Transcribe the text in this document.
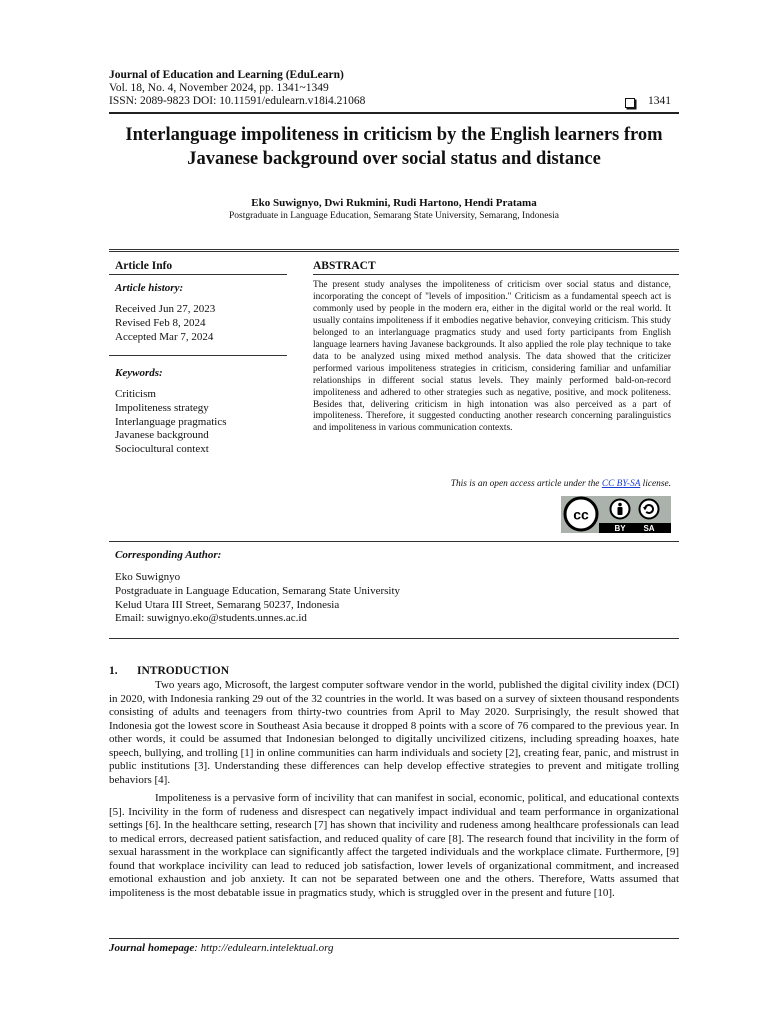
Journal of Education and Learning (EduLearn)
Vol. 18, No. 4, November 2024, pp. 1341~1349
ISSN: 2089-9823 DOI: 10.11591/edulearn.v18i4.21068	1341
Interlanguage impoliteness in criticism by the English learners from Javanese background over social status and distance
Eko Suwignyo, Dwi Rukmini, Rudi Hartono, Hendi Pratama
Postgraduate in Language Education, Semarang State University, Semarang, Indonesia
Article Info
Article history:
Received Jun 27, 2023
Revised Feb 8, 2024
Accepted Mar 7, 2024
Keywords:
Criticism
Impoliteness strategy
Interlanguage pragmatics
Javanese background
Sociocultural context
ABSTRACT
The present study analyses the impoliteness of criticism over social status and distance, incorporating the concept of "levels of imposition." Criticism as a fundamental speech act is commonly used by people in the modern era, either in the digital world or the real world. It usually contains impoliteness if it embodies negative behavior, conveying criticism. This study belonged to an interlanguage pragmatics study and used forty participants from English language learners having Javanese backgrounds. It also applied the role play technique to take data to be analyzed using mixed method analysis. The data showed that the criticizer performed various impoliteness strategies in criticism, considering familiar and unfamiliar relationships in different social status levels. They mainly performed bald-on-record impoliteness and adhered to other strategies such as negative, positive, and mock politeness. Besides that, delivering criticism in high intonation was also perceived as a part of impoliteness. Therefore, it suggested conducting another research concerning paralinguistics and impoliteness in various communication contexts.
This is an open access article under the CC BY-SA license.
cc
BY SA
Corresponding Author:
Eko Suwignyo
Postgraduate in Language Education, Semarang State University
Kelud Utara III Street, Semarang 50237, Indonesia
Email: suwignyo.eko@students.unnes.ac.id
1. INTRODUCTION
Two years ago, Microsoft, the largest computer software vendor in the world, published the digital civility index (DCI) in 2020, with Indonesia ranking 29 out of the 32 countries in the world. It was based on a survey of sixteen thousand respondents consisting of adults and teenagers from thirty-two countries from April to May 2020. Surprisingly, the result showed that Indonesia got the lowest score in Southeast Asia because it dropped 8 points with a score of 76 compared to the previous year. In other words, it could be assumed that Indonesian belonged to digitally uncivilized citizens, including spreading hoaxes, hate speech, bullying, and trolling [1] in online communities can harm individuals and society [2], creating fear, panic, and mistrust in public institutions [3]. Understanding these differences can help develop effective strategies to prevent and mitigate trolling behaviors [4].
Impoliteness is a pervasive form of incivility that can manifest in social, economic, political, and educational contexts [5]. Incivility in the form of rudeness and disrespect can negatively impact individual and team performance in organizational settings [6]. In the healthcare setting, research [7] has shown that incivility and rudeness among healthcare professionals can lead to medical errors, decreased patient satisfaction, and reduced quality of care [8]. The research found that incivility in the form of sexual harassment in the workplace can significantly affect the targeted individuals and the workplace climate. Furthermore, [9] found that workplace incivility can lead to reduced job satisfaction, lower levels of organizational commitment, and increased emotional exhaustion and job anxiety. It can not be separated between one and the others. Therefore, Watts assumed that impoliteness is the most debatable issue in pragmatics study, which is struggled over in the present and future [10].
Journal homepage: http://edulearn.intelektual.org
